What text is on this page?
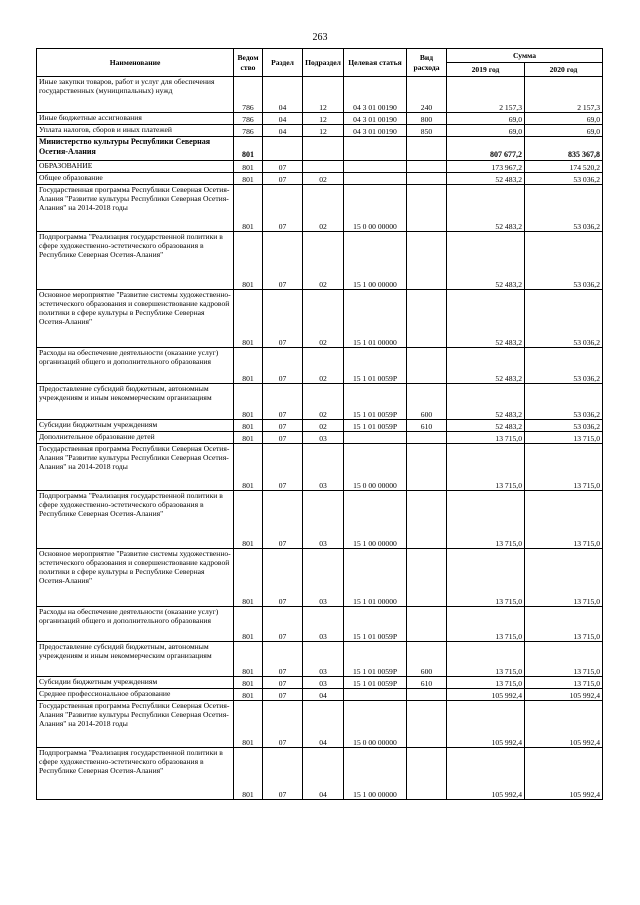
263
Наименование	Ведом ство	Раздел	Подраздел	Целевая статья	Вид расхода	Сумма	
						2019 год	2020 год
Иные закупки товаров, работ и услуг для обеспечения государственных (муниципальных) нужд	786	04	12	04 3 01 00190	240	2 157,3	2 157,3
Иные бюджетные ассигнования	786	04	12	04 3 01 00190	800	69,0	69,0
Уплата налогов, сборов и иных платежей	786	04	12	04 3 01 00190	850	69,0	69,0
Министерство культуры Республики Северная Осетия-Алания	801					807 677,2	835 367,8
ОБРАЗОВАНИЕ	801	07				173 967,2	174 520,2
Общее образование	801	07	02			52 483,2	53 036,2
Государственная программа Республики Северная Осетия-Алания "Развитие культуры Республики Северная Осетия-Алания" на 2014-2018 годы	801	07	02	15 0 00 00000		52 483,2	53 036,2
Подпрограмма "Реализация государственной политики в сфере художественно-эстетического образования в Республике Северная Осетия-Алания"	801	07	02	15 1 00 00000		52 483,2	53 036,2
Основное мероприятие "Развитие системы художественно-эстетического образования и совершенствование кадровой политики в сфере культуры в Республике Северная Осетия-Алания"	801	07	02	15 1 01 00000		52 483,2	53 036,2
Расходы на обеспечение деятельности (оказание услуг) организаций общего и дополнительного образования	801	07	02	15 1 01 0059Р		52 483,2	53 036,2
Предоставление субсидий бюджетным, автономным учреждениям и иным некоммерческим организациям	801	07	02	15 1 01 0059Р	600	52 483,2	53 036,2
Субсидии бюджетным учреждениям	801	07	02	15 1 01 0059Р	610	52 483,2	53 036,2
Дополнительное образование детей	801	07	03			13 715,0	13 715,0
Государственная программа Республики Северная Осетия-Алания "Развитие культуры Республики Северная Осетия-Алания" на 2014-2018 годы	801	07	03	15 0 00 00000		13 715,0	13 715,0
Подпрограмма "Реализация государственной политики в сфере художественно-эстетического образования в Республике Северная Осетия-Алания"	801	07	03	15 1 00 00000		13 715,0	13 715,0
Основное мероприятие "Развитие системы художественно-эстетического образования и совершенствование кадровой политики в сфере культуры в Республике Северная Осетия-Алания"	801	07	03	15 1 01 00000		13 715,0	13 715,0
Расходы на обеспечение деятельности (оказание услуг) организаций общего и дополнительного образования	801	07	03	15 1 01 0059Р		13 715,0	13 715,0
Предоставление субсидий бюджетным, автономным учреждениям и иным некоммерческим организациям	801	07	03	15 1 01 0059Р	600	13 715,0	13 715,0
Субсидии бюджетным учреждениям	801	07	03	15 1 01 0059Р	610	13 715,0	13 715,0
Среднее профессиональное образование	801	07	04			105 992,4	105 992,4
Государственная программа Республики Северная Осетия-Алания "Развитие культуры Республики Северная Осетия-Алания" на 2014-2018 годы	801	07	04	15 0 00 00000		105 992,4	105 992,4
Подпрограмма "Реализация государственной политики в сфере художественно-эстетического образования в Республике Северная Осетия-Алания"	801	07	04	15 1 00 00000		105 992,4	105 992,4
